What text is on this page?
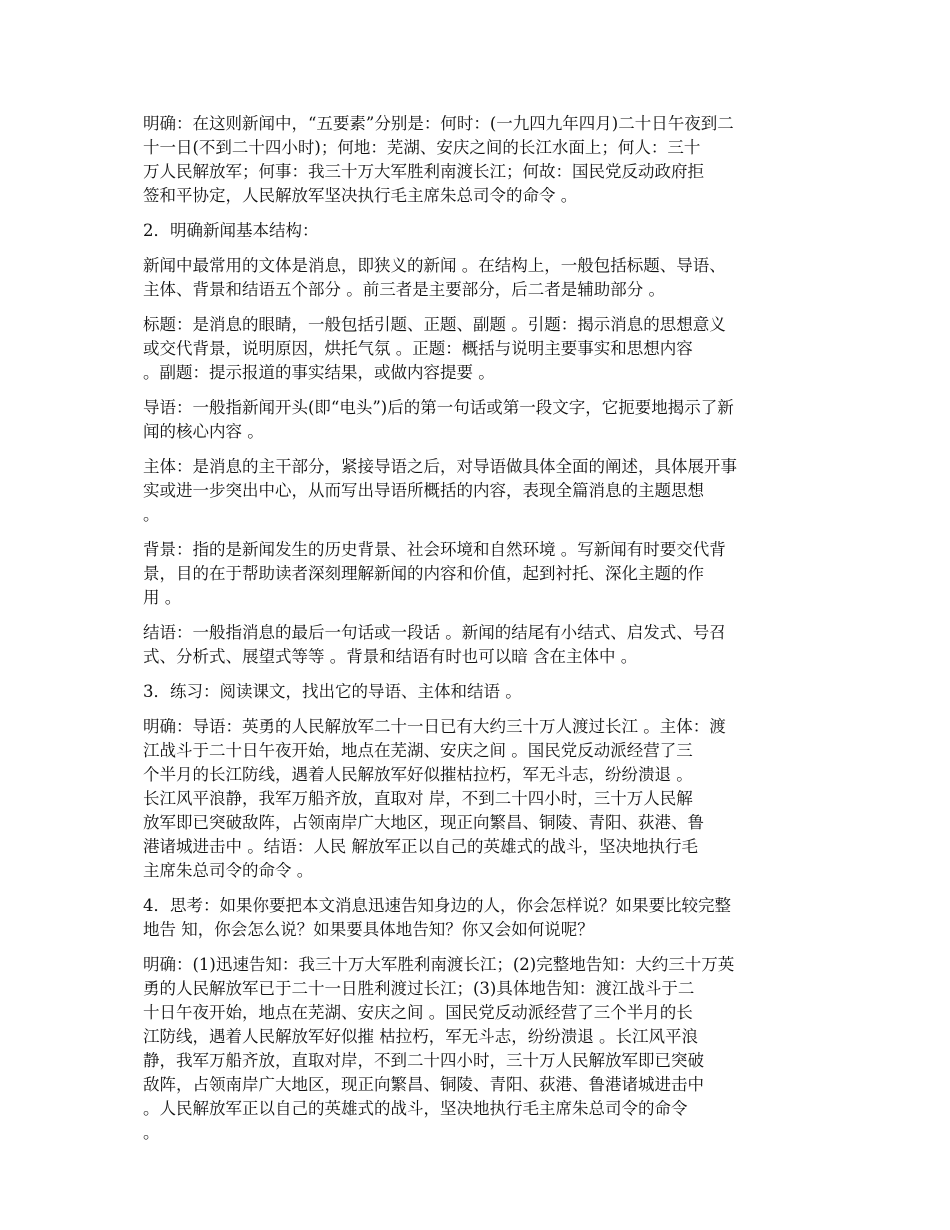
明确：在这则新闻中，“五要素”分别是：何时：(一九四九年四月)二十日午夜到二
十一日(不到二十四小时)；何地：芜湖、安庆之间的长江水面上；何人：三十
万人民解放军；何事：我三十万大军胜利南渡长江；何故：国民党反动政府拒
签和平协定，人民解放军坚决执行毛主席朱总司令的命令 。
2．明确新闻基本结构：
新闻中最常用的文体是消息，即狭义的新闻 。在结构上，一般包括标题、导语、
主体、背景和结语五个部分 。前三者是主要部分，后二者是辅助部分 。
标题：是消息的眼睛，一般包括引题、正题、副题 。引题：揭示消息的思想意义
或交代背景，说明原因，烘托气氛 。正题：概括与说明主要事实和思想内容
。副题：提示报道的事实结果，或做内容提要 。
导语：一般指新闻开头(即“电头”)后的第一句话或第一段文字，它扼要地揭示了新
闻的核心内容 。
主体：是消息的主干部分，紧接导语之后，对导语做具体全面的阐述，具体展开事
实或进一步突出中心，从而写出导语所概括的内容，表现全篇消息的主题思想
。
背景：指的是新闻发生的历史背景、社会环境和自然环境 。写新闻有时要交代背
景，目的在于帮助读者深刻理解新闻的内容和价值，起到衬托、深化主题的作
用 。
结语：一般指消息的最后一句话或一段话 。新闻的结尾有小结式、启发式、号召
式、分析式、展望式等等 。背景和结语有时也可以暗 含在主体中 。
3．练习：阅读课文，找出它的导语、主体和结语 。
明确：导语：英勇的人民解放军二十一日已有大约三十万人渡过长江 。主体：渡
江战斗于二十日午夜开始，地点在芜湖、安庆之间 。国民党反动派经营了三
个半月的长江防线，遇着人民解放军好似摧枯拉朽，军无斗志，纷纷溃退 。
长江风平浪静，我军万船齐放，直取对 岸，不到二十四小时，三十万人民解
放军即已突破敌阵，占领南岸广大地区，现正向繁昌、铜陵、青阳、荻港、鲁
港诸城进击中 。结语：人民 解放军正以自己的英雄式的战斗，坚决地执行毛
主席朱总司令的命令 。
4．思考：如果你要把本文消息迅速告知身边的人，你会怎样说？如果要比较完整
地告 知，你会怎么说？如果要具体地告知？你又会如何说呢？
明确：(1)迅速告知：我三十万大军胜利南渡长江；(2)完整地告知：大约三十万英
勇的人民解放军已于二十一日胜利渡过长江；(3)具体地告知：渡江战斗于二
十日午夜开始，地点在芜湖、安庆之间 。国民党反动派经营了三个半月的长
江防线，遇着人民解放军好似摧 枯拉朽，军无斗志，纷纷溃退 。长江风平浪
静，我军万船齐放，直取对岸，不到二十四小时，三十万人民解放军即已突破
敌阵，占领南岸广大地区，现正向繁昌、铜陵、青阳、荻港、鲁港诸城进击中
。人民解放军正以自己的英雄式的战斗，坚决地执行毛主席朱总司令的命令
。
